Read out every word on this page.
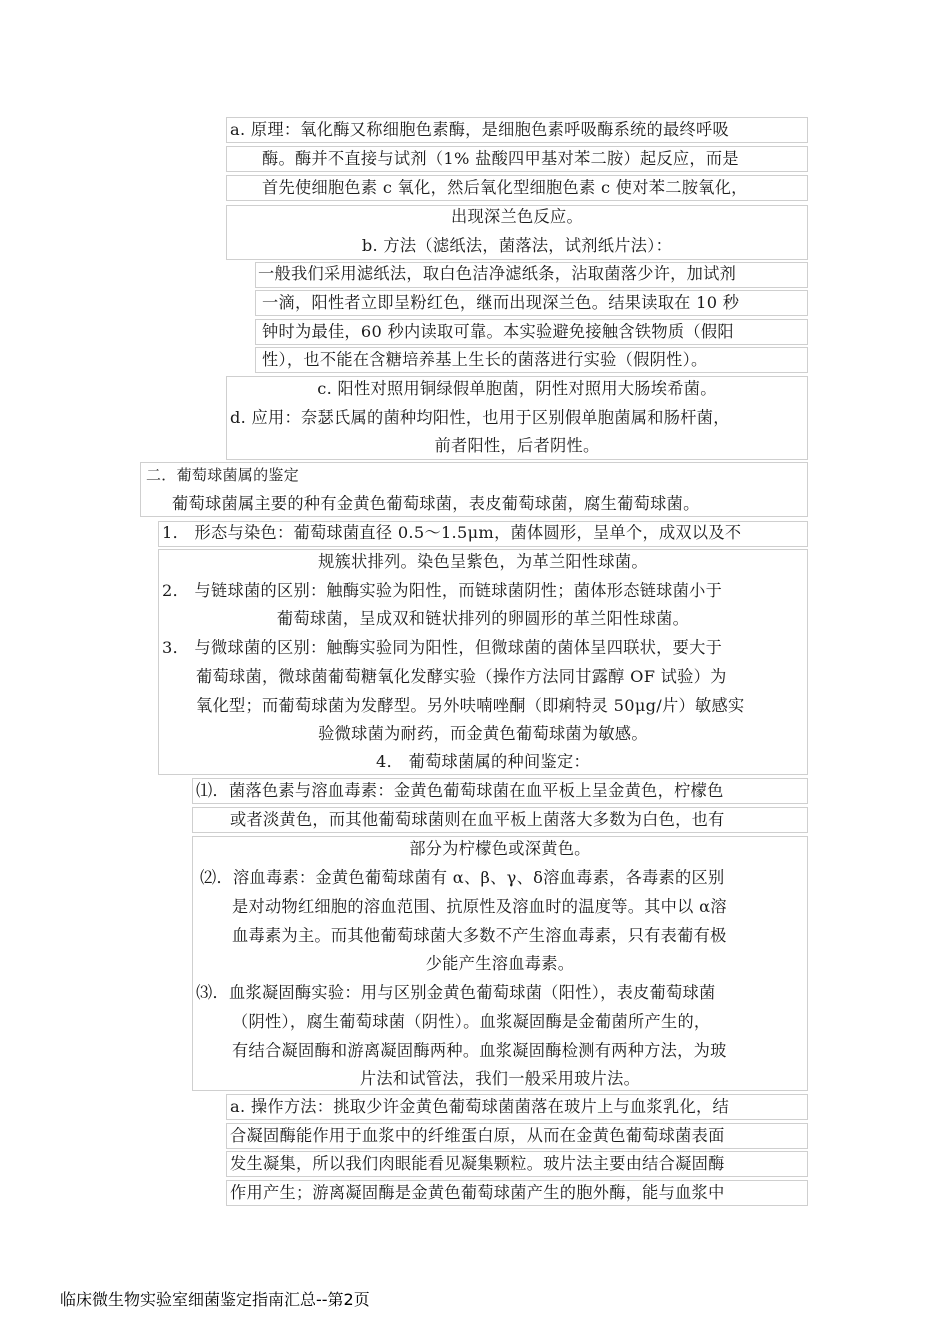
a. 原理：氧化酶又称细胞色素酶，是细胞色素呼吸酶系统的最终呼吸
酶。酶并不直接与试剂（1% 盐酸四甲基对苯二胺）起反应，而是
首先使细胞色素 c 氧化，然后氧化型细胞色素 c 使对苯二胺氧化，
出现深兰色反应。
b. 方法（滤纸法，菌落法，试剂纸片法）：
一般我们采用滤纸法，取白色洁净滤纸条，沾取菌落少许，加试剂
一滴，阳性者立即呈粉红色，继而出现深兰色。结果读取在 10 秒
钟时为最佳，60 秒内读取可靠。本实验避免接触含铁物质（假阳
性），也不能在含糖培养基上生长的菌落进行实验（假阴性）。
c. 阳性对照用铜绿假单胞菌，阴性对照用大肠埃希菌。
d. 应用：奈瑟氏属的菌种均阳性，也用于区别假单胞菌属和肠杆菌，
前者阳性，后者阴性。
二．葡萄球菌属的鉴定
葡萄球菌属主要的种有金黄色葡萄球菌，表皮葡萄球菌，腐生葡萄球菌。
1． 形态与染色：葡萄球菌直径 0.5～1.5μm，菌体圆形，呈单个，成双以及不
规簇状排列。染色呈紫色，为革兰阳性球菌。
2． 与链球菌的区别：触酶实验为阳性，而链球菌阴性；菌体形态链球菌小于
葡萄球菌，呈成双和链状排列的卵圆形的革兰阳性球菌。
3． 与微球菌的区别：触酶实验同为阳性，但微球菌的菌体呈四联状，要大于
葡萄球菌，微球菌葡萄糖氧化发酵实验（操作方法同甘露醇 OF 试验）为
氧化型；而葡萄球菌为发酵型。另外呋喃唑酮（即痢特灵 50μg/片）敏感实
验微球菌为耐药，而金黄色葡萄球菌为敏感。
4． 葡萄球菌属的种间鉴定：
⑴．菌落色素与溶血毒素：金黄色葡萄球菌在血平板上呈金黄色，柠檬色
或者淡黄色，而其他葡萄球菌则在血平板上菌落大多数为白色，也有
部分为柠檬色或深黄色。
⑵．溶血毒素：金黄色葡萄球菌有 α、β、γ、δ溶血毒素，各毒素的区别
是对动物红细胞的溶血范围、抗原性及溶血时的温度等。其中以 α溶
血毒素为主。而其他葡萄球菌大多数不产生溶血毒素，只有表葡有极
少能产生溶血毒素。
⑶．血浆凝固酶实验：用与区别金黄色葡萄球菌（阳性），表皮葡萄球菌
（阴性），腐生葡萄球菌（阴性）。血浆凝固酶是金葡菌所产生的，
有结合凝固酶和游离凝固酶两种。血浆凝固酶检测有两种方法，为玻
片法和试管法，我们一般采用玻片法。
a. 操作方法：挑取少许金黄色葡萄球菌菌落在玻片上与血浆乳化，结
合凝固酶能作用于血浆中的纤维蛋白原，从而在金黄色葡萄球菌表面
发生凝集，所以我们肉眼能看见凝集颗粒。玻片法主要由结合凝固酶
作用产生；游离凝固酶是金黄色葡萄球菌产生的胞外酶，能与血浆中
临床微生物实验室细菌鉴定指南汇总--第2页
